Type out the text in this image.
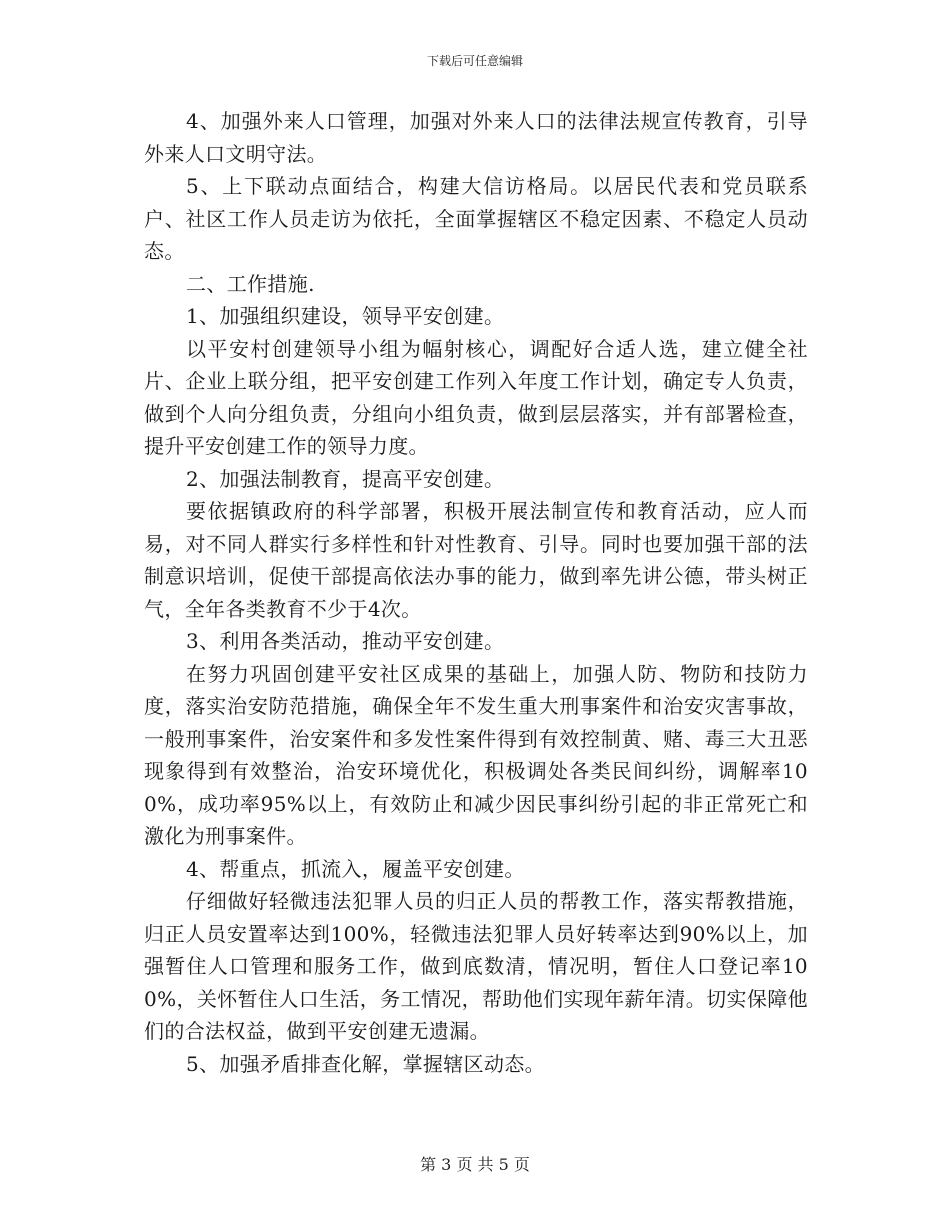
下载后可任意编辑

4、加强外来人口管理，加强对外来人口的法律法规宣传教育，引导外来人口文明守法。

5、上下联动点面结合，构建大信访格局。以居民代表和党员联系户、社区工作人员走访为依托，全面掌握辖区不稳定因素、不稳定人员动态。

二、工作措施.

1、加强组织建设，领导平安创建。

以平安村创建领导小组为幅射核心，调配好合适人选，建立健全社片、企业上联分组，把平安创建工作列入年度工作计划，确定专人负责，做到个人向分组负责，分组向小组负责，做到层层落实，并有部署检查，提升平安创建工作的领导力度。

2、加强法制教育，提高平安创建。

要依据镇政府的科学部署，积极开展法制宣传和教育活动，应人而易，对不同人群实行多样性和针对性教育、引导。同时也要加强干部的法制意识培训，促使干部提高依法办事的能力，做到率先讲公德，带头树正气，全年各类教育不少于4次。

3、利用各类活动，推动平安创建。

在努力巩固创建平安社区成果的基础上，加强人防、物防和技防力度，落实治安防范措施，确保全年不发生重大刑事案件和治安灾害事故，一般刑事案件，治安案件和多发性案件得到有效控制黄、赌、毒三大丑恶现象得到有效整治，治安环境优化，积极调处各类民间纠纷，调解率100%，成功率95%以上，有效防止和减少因民事纠纷引起的非正常死亡和激化为刑事案件。

4、帮重点，抓流入，履盖平安创建。

仔细做好轻微违法犯罪人员的归正人员的帮教工作，落实帮教措施，归正人员安置率达到100%，轻微违法犯罪人员好转率达到90%以上，加强暂住人口管理和服务工作，做到底数清，情况明，暂住人口登记率100%，关怀暂住人口生活，务工情况，帮助他们实现年薪年清。切实保障他们的合法权益，做到平安创建无遗漏。

5、加强矛盾排查化解，掌握辖区动态。

第 3 页 共 5 页
